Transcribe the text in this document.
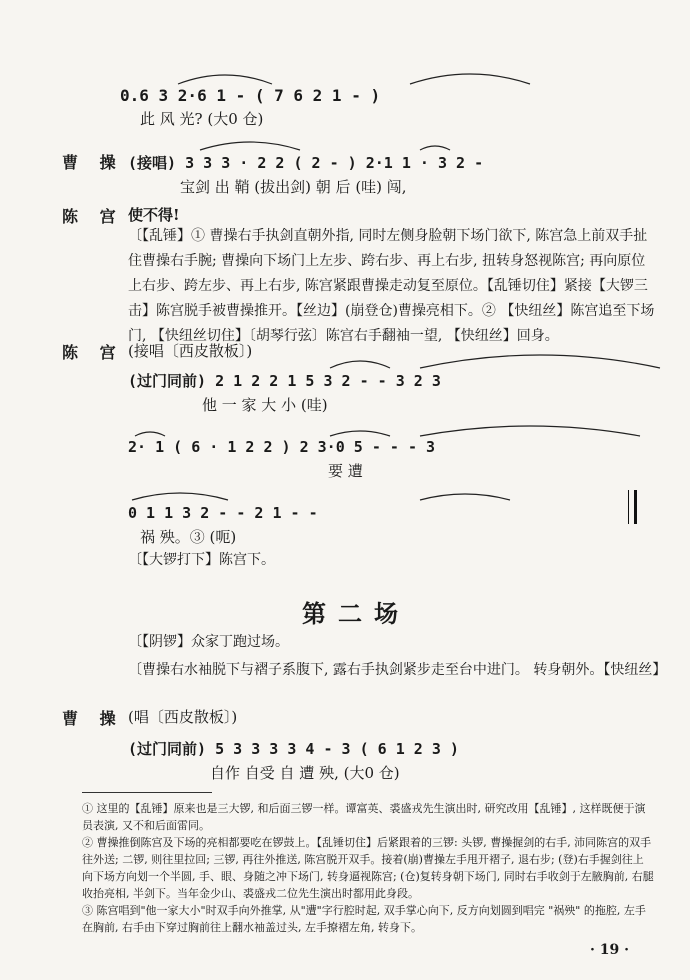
0.6 3 2·6 1 - ( 7 6 2 1 - )
此 风 光? (大0 仓)
曹 操 (接唱) 3 3 3 · 2 2 ( 2 - ) 2·1 1 · 3 2 -
宝剑 出 鞘 (拔出剑) 朝 后 (哇) 闯,
陈 宫 使不得!
〔【乱锤】① 曹操右手执剑直朝外指, 同时左侧身脸朝下场门欲下, 陈宫急上前双手扯住曹操右手腕; 曹操向下场门上左步、跨右步、再上右步, 扭转身怒视陈宫; 再向原位上右步、跨左步、再上右步, 陈宫紧跟曹操走动复至原位。【乱锤切住】紧接【大锣三击】陈宫脱手被曹操推开。【丝边】(崩登仓)曹操亮相下。② 【快纽丝】陈宫追至下场门, 【快纽丝切住】〔胡琴行弦〕陈宫右手翻袖一望, 【快纽丝】回身。
陈 宫 (接唱〔西皮散板〕)
(过门同前) 2 1 2 2 1 5 3 2 - - 3 2 3
他 一 家 大 小 (哇)
2· 1 ( 6 · 1 2 2 ) 2 3·0 5 - - - 3
要 遭
0 1 1 3 2 - - 2 1 - -
祸 殃。③ (呃)
〔【大锣打下】陈宫下。
第二场
〔【阴锣】众家丁跑过场。
〔曹操右水袖脱下与褶子系腹下, 露右手执剑紧步走至台中进门。 转身朝外。【快纽丝】
曹 操 (唱〔西皮散板〕)
(过门同前) 5 3 3 3 3 4 - 3 ( 6 1 2 3 )
自作 自受 自 遭 殃, (大0 仓)
① 这里的【乱锤】原来也是三大锣, 和后面三锣一样。谭富英、裘盛戎先生演出时, 研究改用【乱锤】, 这样既便于演员表演, 又不和后面雷同。
② 曹操推倒陈宫及下场的亮相都要吃在锣鼓上。【乱锤切住】后紧跟着的三锣: 头锣, 曹操握剑的右手, 沛同陈宫的双手往外送; 二锣, 则往里拉回; 三锣, 再往外推送, 陈宫脱开双手。接着(崩)曹操左手甩开褶子, 退右步; (登)右手握剑往上向下场方向划一个半圆, 手、眼、身随之冲下场门, 转身逼视陈宫; (仓)复转身朝下场门, 同时右手收剑于左腋胸前, 右腿收抬亮相, 半剑下。当年金少山、裘盛戎二位先生演出时都用此身段。
③ 陈宫唱到"他一家大小"时双手向外推掌, 从"遭"字行腔时起, 双手掌心向下, 反方向划圆到唱完 "祸殃" 的拖腔, 左手在胸前, 右手由下穿过胸前往上翻水袖盖过头, 左手撩褶左角, 转身下。
· 19 ·
